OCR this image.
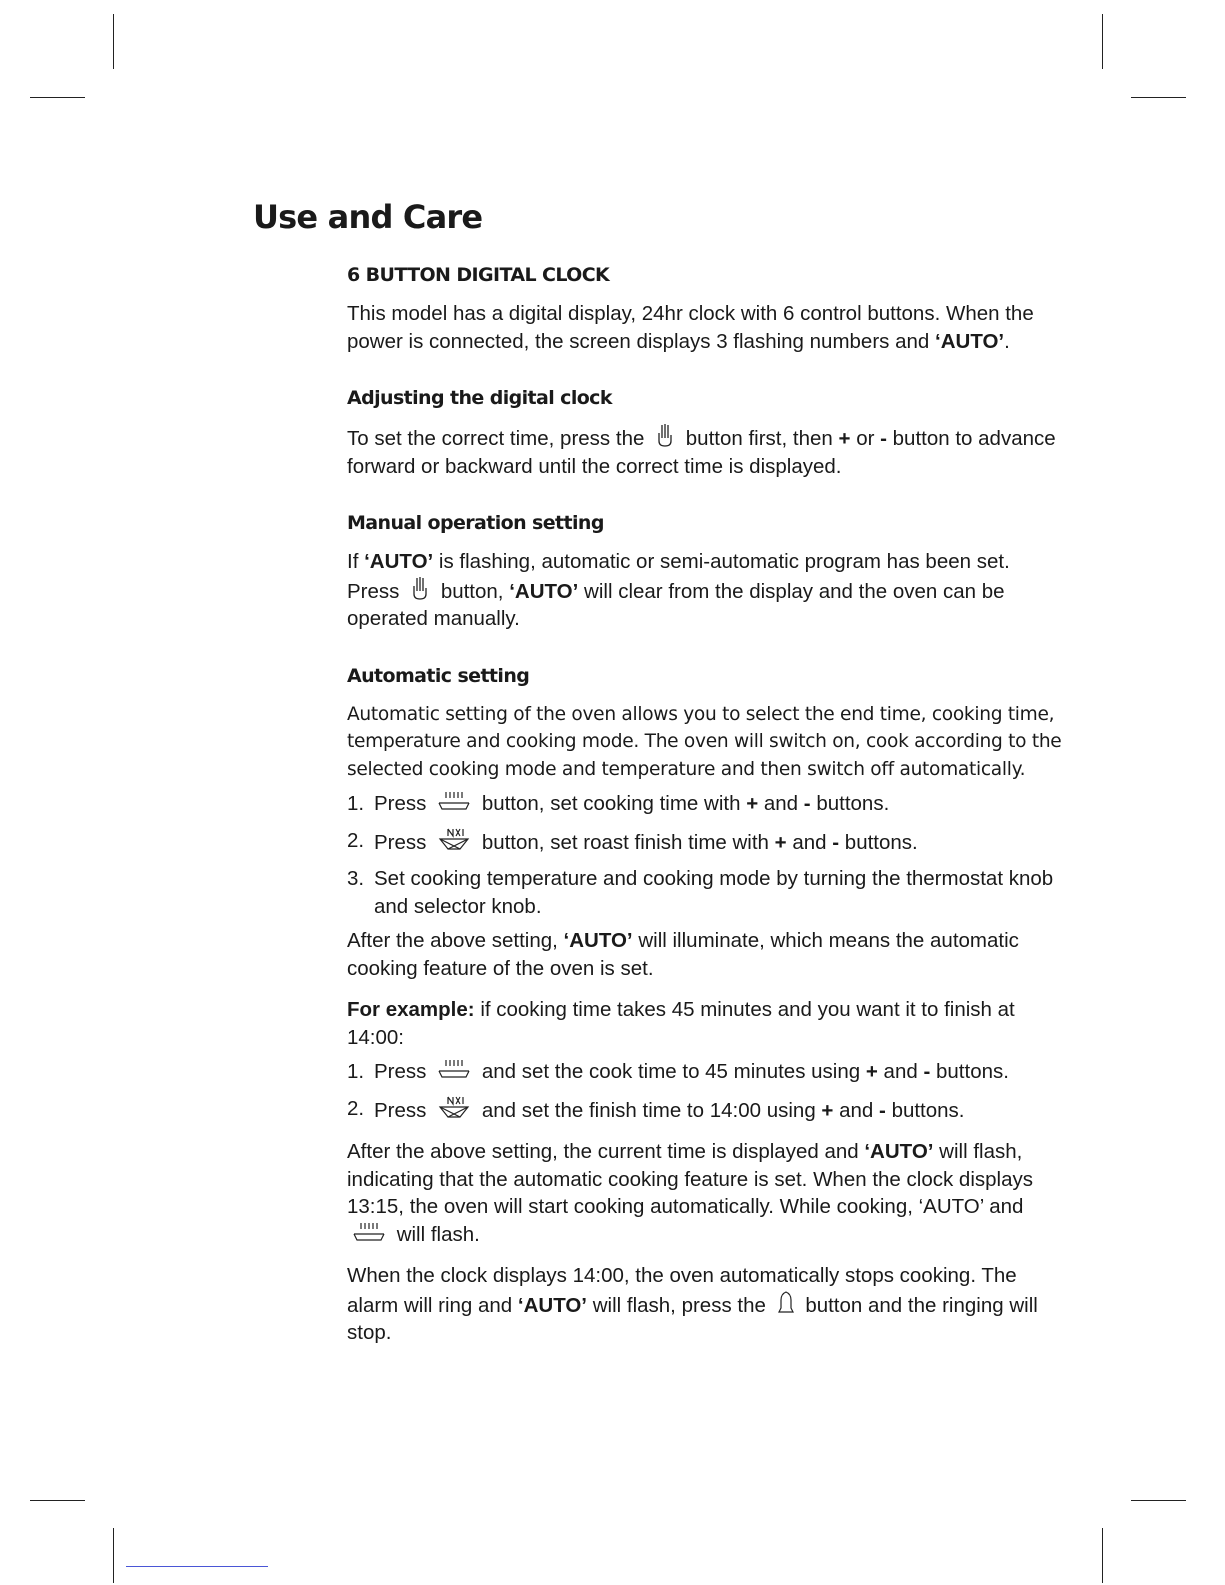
Use and Care
6 BUTTON DIGITAL CLOCK

This model has a digital display, 24hr clock with 6 control buttons. When the power is connected, the screen displays 3 flashing numbers and ‘AUTO’.

Adjusting the digital clock

To set the correct time, press the button first, then + or - button to advance forward or backward until the correct time is displayed.

Manual operation setting

If ‘AUTO’ is flashing, automatic or semi-automatic program has been set. Press button, ‘AUTO’ will clear from the display and the oven can be operated manually.

Automatic setting

Automatic setting of the oven allows you to select the end time, cooking time, temperature and cooking mode. The oven will switch on, cook according to the selected cooking mode and temperature and then switch off automatically.

1. Press	button, set cooking time with + and - buttons.
2. Press	button, set roast finish time with + and - buttons.
3. Set cooking temperature and cooking mode by turning the thermostat knob and selector knob.

After the above setting, ‘AUTO’ will illuminate, which means the automatic cooking feature of the oven is set.

For example: if cooking time takes 45 minutes and you want it to finish at 14:00:

1. Press	and set the cook time to 45 minutes using + and - buttons.
2. Press	and set the finish time to 14:00 using + and - buttons.

After the above setting, the current time is displayed and ‘AUTO’ will flash, indicating that the automatic cooking feature is set. When the clock displays 13:15, the oven will start cooking automatically. While cooking, ‘AUTO’ and
will flash.

When the clock displays 14:00, the oven automatically stops cooking. The alarm will ring and ‘AUTO’ will flash, press the button and the ringing will stop.
